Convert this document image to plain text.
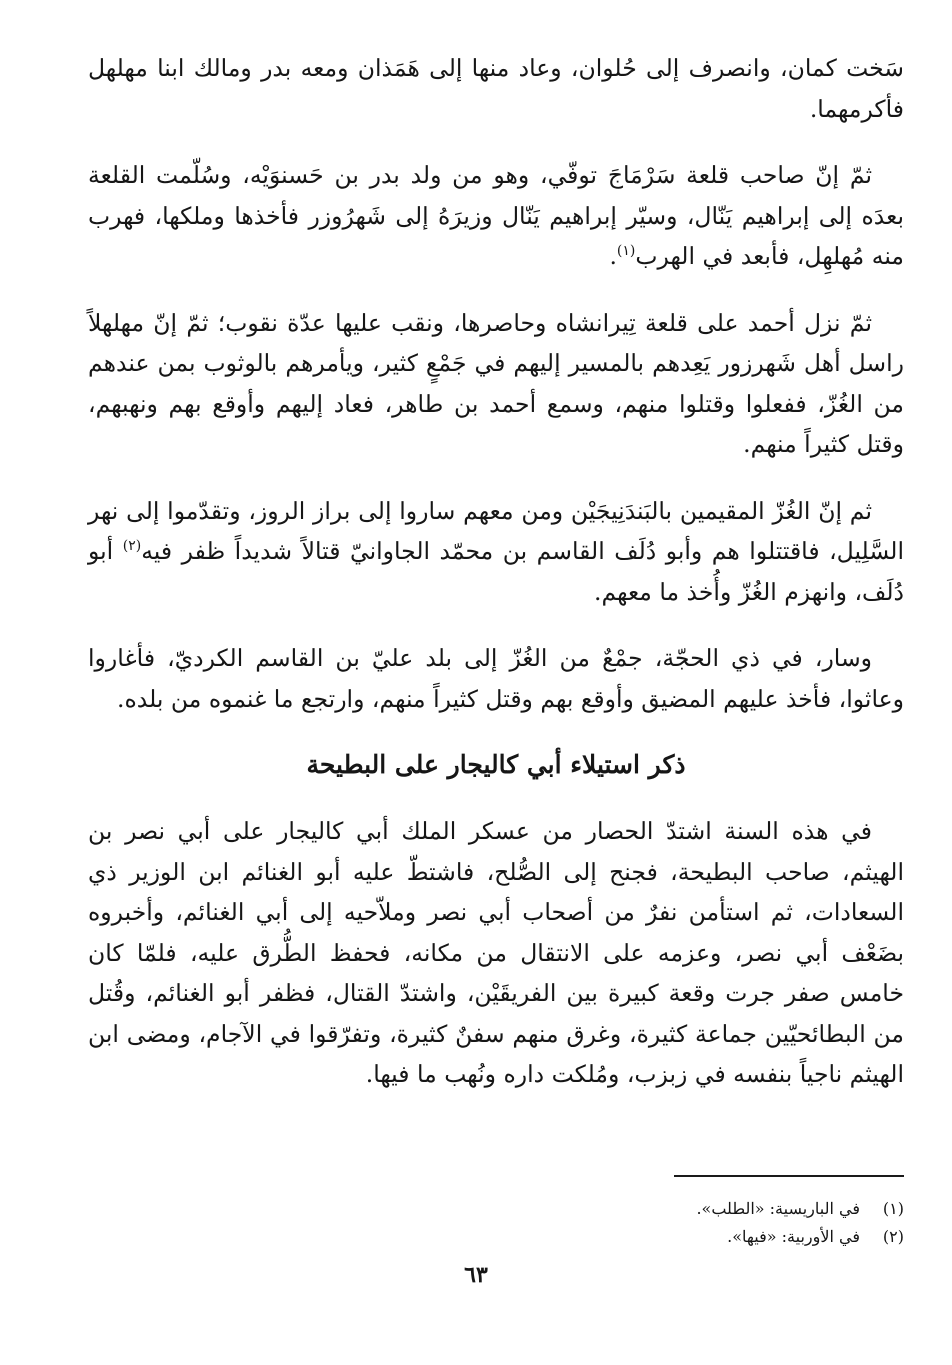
سَخت كمان، وانصرف إلى حُلوان، وعاد منها إلى هَمَذان ومعه بدر ومالك ابنا مهلهل فأكرمهما.

ثمّ إنّ صاحب قلعة سَرْمَاجَ توفّي، وهو من ولد بدر بن حَسنوَيْه، وسُلّمت القلعة بعدَه إلى إبراهيم يَنّال، وسيّر إبراهيم يَنّال وزيرَهُ إلى شَهرُوزر فأخذها وملكها، فهرب منه مُهلهِل، فأبعد في الهرب$^{(١)}$.

ثمّ نزل أحمد على قلعة تِيرانشاه وحاصرها، ونقب عليها عدّة نقوب؛ ثمّ إنّ مهلهلاً راسل أهل شَهرزور يَعِدهم بالمسير إليهم في جَمْعٍ كثير، ويأمرهم بالوثوب بمن عندهم من الغُزّ، ففعلوا وقتلوا منهم، وسمع أحمد بن طاهر، فعاد إليهم وأوقع بهم ونهبهم، وقتل كثيراً منهم.

ثم إنّ الغُزّ المقيمين بالبَندَنِيجَيْن ومن معهم ساروا إلى براز الروز، وتقدّموا إلى نهر السَّلِيل، فاقتتلوا هم وأبو دُلَف القاسم بن محمّد الجاوانيّ قتالاً شديداً ظفر فيه$^{(٢)}$ أبو دُلَف، وانهزم الغُزّ وأُخذ ما معهم.

وسار، في ذي الحجّة، جمْعٌ من الغُزّ إلى بلد عليّ بن القاسم الكرديّ، فأغاروا وعاثوا، فأخذ عليهم المضيق وأوقع بهم وقتل كثيراً منهم، وارتجع ما غنموه من بلده.

ذكر استيلاء أبي كاليجار على البطيحة

في هذه السنة اشتدّ الحصار من عسكر الملك أبي كاليجار على أبي نصر بن الهيثم، صاحب البطيحة، فجنح إلى الصُّلح، فاشتطّ عليه أبو الغنائم ابن الوزير ذي السعادات، ثم استأمن نفرٌ من أصحاب أبي نصر وملاّحيه إلى أبي الغنائم، وأخبروه بضَعْف أبي نصر، وعزمه على الانتقال من مكانه، فحفظ الطُّرق عليه، فلمّا كان خامس صفر جرت وقعة كبيرة بين الفريقَيْن، واشتدّ القتال، فظفر أبو الغنائم، وقُتل من البطائحيّين جماعة كثيرة، وغرق منهم سفنٌ كثيرة، وتفرّقوا في الآجام، ومضى ابن الهيثم ناجياً بنفسه في زبزب، ومُلكت داره ونُهب ما فيها.

(١)
في الباريسية: «الطلب».
(٢)
في الأوربية: «فيها».
٦٣
